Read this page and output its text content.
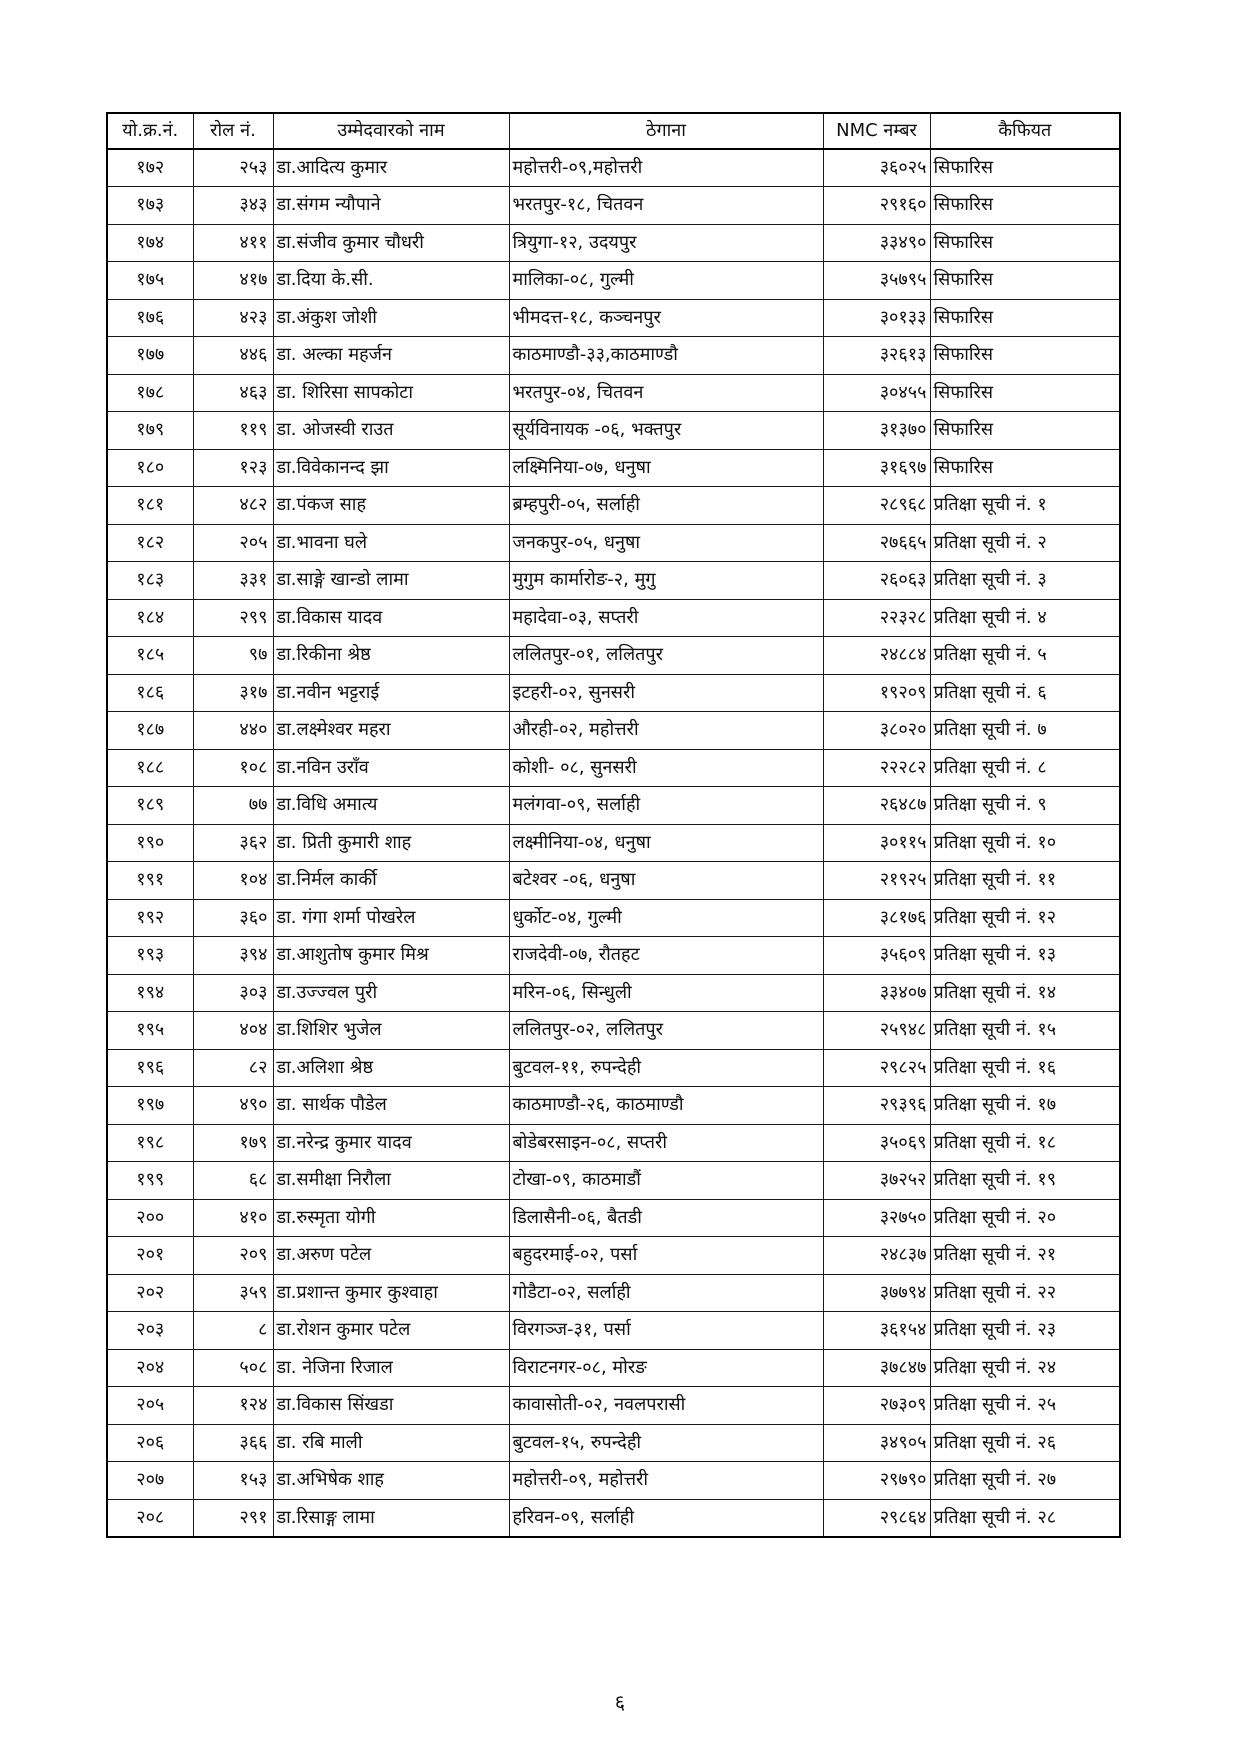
यो.क्र.नं.	रोल नं.	उम्मेदवारको नाम	ठेगाना	NMC नम्बर	कैफियत
१७२	२५३	डा.आदित्य कुमार	महोत्तरी-०९,महोत्तरी	३६०२५	सिफारिस
१७३	३४३	डा.संगम न्यौपाने	भरतपुर-१८, चितवन	२९१६०	सिफारिस
१७४	४११	डा.संजीव कुमार चौधरी	त्रियुगा-१२, उदयपुर	३३४९०	सिफारिस
१७५	४१७	डा.दिया के.सी.	मालिका-०८, गुल्मी	३५७९५	सिफारिस
१७६	४२३	डा.अंकुश जोशी	भीमदत्त-१८, कञ्चनपुर	३०१३३	सिफारिस
१७७	४४६	डा. अल्का महर्जन	काठमाण्डौ-३३,काठमाण्डौ	३२६१३	सिफारिस
१७८	४६३	डा. शिरिसा सापकोटा	भरतपुर-०४, चितवन	३०४५५	सिफारिस
१७९	११९	डा. ओजस्वी राउत	सूर्यविनायक -०६, भक्तपुर	३१३७०	सिफारिस
१८०	१२३	डा.विवेकानन्द झा	लक्ष्मिनिया-०७, धनुषा	३१६९७	सिफारिस
१८१	४८२	डा.पंकज साह	ब्रम्हपुरी-०५, सर्लाही	२८९६८	प्रतिक्षा सूची नं. १
१८२	२०५	डा.भावना घले	जनकपुर-०५, धनुषा	२७६६५	प्रतिक्षा सूची नं. २
१८३	३३१	डा.साङ्गे खान्डो लामा	मुगुम कार्मारोङ-२, मुगु	२६०६३	प्रतिक्षा सूची नं. ३
१८४	२९९	डा.विकास यादव	महादेवा-०३, सप्तरी	२२३२८	प्रतिक्षा सूची नं. ४
१८५	९७	डा.रिकीना श्रेष्ठ	ललितपुर-०१, ललितपुर	२४८८४	प्रतिक्षा सूची नं. ५
१८६	३१७	डा.नवीन भट्टराई	इटहरी-०२, सुनसरी	१९२०९	प्रतिक्षा सूची नं. ६
१८७	४४०	डा.लक्ष्मेश्वर महरा	औरही-०२, महोत्तरी	३८०२०	प्रतिक्षा सूची नं. ७
१८८	१०८	डा.नविन उराँव	कोशी- ०८, सुनसरी	२२२८२	प्रतिक्षा सूची नं. ८
१८९	७७	डा.विधि अमात्य	मलंगवा-०९, सर्लाही	२६४८७	प्रतिक्षा सूची नं. ९
१९०	३६२	डा. प्रिती कुमारी शाह	लक्ष्मीनिया-०४, धनुषा	३०११५	प्रतिक्षा सूची नं. १०
१९१	१०४	डा.निर्मल कार्की	बटेश्वर -०६, धनुषा	२१९२५	प्रतिक्षा सूची नं. ११
१९२	३६०	डा. गंगा शर्मा पोखरेल	धुर्कोट-०४, गुल्मी	३८१७६	प्रतिक्षा सूची नं. १२
१९३	३९४	डा.आशुतोष कुमार मिश्र	राजदेवी-०७, रौतहट	३५६०९	प्रतिक्षा सूची नं. १३
१९४	३०३	डा.उज्ज्वल पुरी	मरिन-०६, सिन्धुली	३३४०७	प्रतिक्षा सूची नं. १४
१९५	४०४	डा.शिशिर भुजेल	ललितपुर-०२, ललितपुर	२५९४८	प्रतिक्षा सूची नं. १५
१९६	८२	डा.अलिशा श्रेष्ठ	बुटवल-११, रुपन्देही	२९८२५	प्रतिक्षा सूची नं. १६
१९७	४९०	डा. सार्थक पौडेल	काठमाण्डौ-२६, काठमाण्डौ	२९३९६	प्रतिक्षा सूची नं. १७
१९८	१७९	डा.नरेन्द्र कुमार यादव	बोडेबरसाइन-०८, सप्तरी	३५०६९	प्रतिक्षा सूची नं. १८
१९९	६८	डा.समीक्षा निरौला	टोखा-०९, काठमाडौं	३७२५२	प्रतिक्षा सूची नं. १९
२००	४१०	डा.रुस्मृता योगी	डिलासैनी-०६, बैतडी	३२७५०	प्रतिक्षा सूची नं. २०
२०१	२०९	डा.अरुण पटेल	बहुदरमाई-०२, पर्सा	२४८३७	प्रतिक्षा सूची नं. २१
२०२	३५९	डा.प्रशान्त कुमार कुश्वाहा	गोडैटा-०२, सर्लाही	३७७९४	प्रतिक्षा सूची नं. २२
२०३	८	डा.रोशन कुमार पटेल	विरगञ्ज-३१, पर्सा	३६१५४	प्रतिक्षा सूची नं. २३
२०४	५०८	डा. नेजिना रिजाल	विराटनगर-०८, मोरङ	३७८४७	प्रतिक्षा सूची नं. २४
२०५	१२४	डा.विकास सिंखडा	कावासोती-०२, नवलपरासी	२७३०९	प्रतिक्षा सूची नं. २५
२०६	३६६	डा. रबि माली	बुटवल-१५, रुपन्देही	३४९०५	प्रतिक्षा सूची नं. २६
२०७	१५३	डा.अभिषेक शाह	महोत्तरी-०९, महोत्तरी	२९७९०	प्रतिक्षा सूची नं. २७
२०८	२९१	डा.रिसाङ्ग लामा	हरिवन-०९, सर्लाही	२९८६४	प्रतिक्षा सूची नं. २८
६
